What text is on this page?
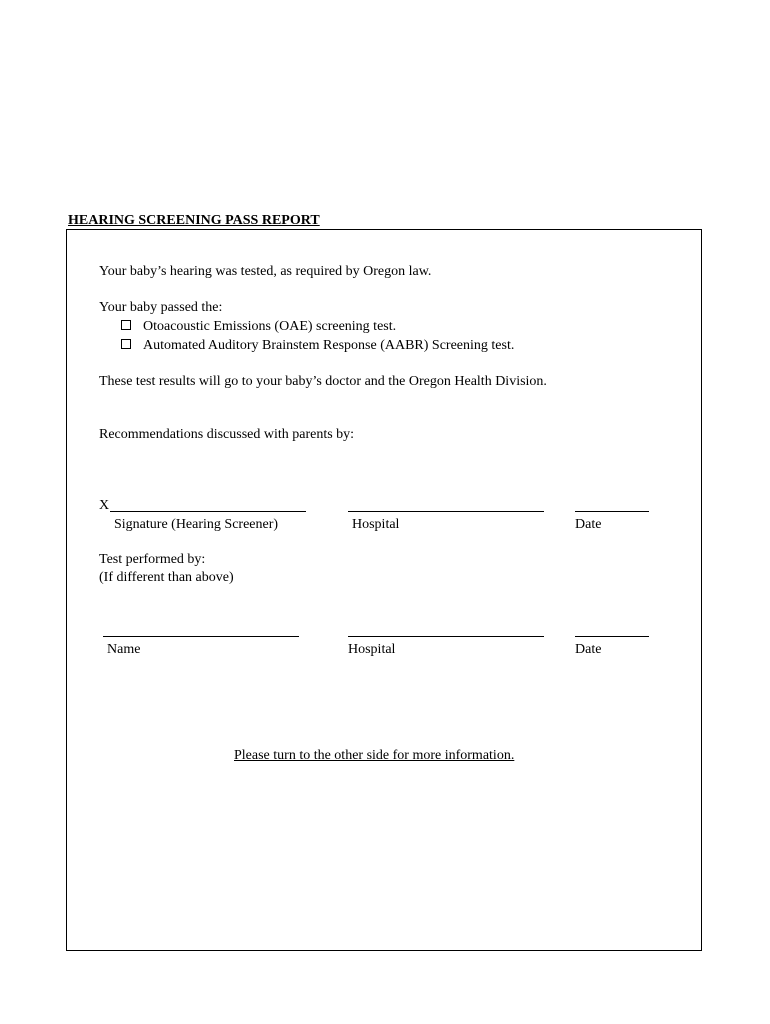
HEARING SCREENING PASS REPORT
Your baby’s hearing was tested, as required by Oregon law.
Your baby passed the:
Otoacoustic Emissions (OAE) screening test.
Automated Auditory Brainstem Response (AABR) Screening test.
These test results will go to your baby’s doctor and the Oregon Health Division.
Recommendations discussed with parents by:
X
Signature (Hearing Screener)	Hospital	Date
Test performed by:
(If different than above)
Name	Hospital	Date
Please turn to the other side for more information.
